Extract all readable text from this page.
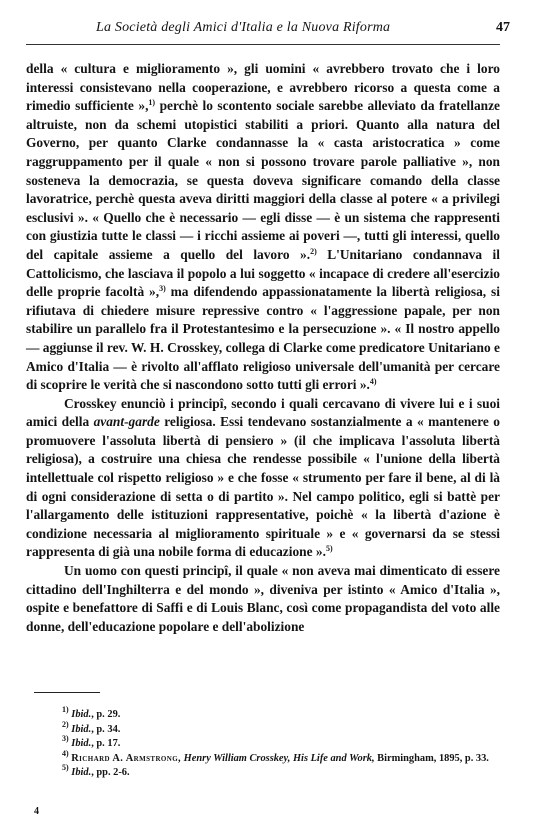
La Società degli Amici d'Italia e la Nuova Riforma	47

della « cultura e miglioramento », gli uomini « avrebbero trovato che i loro interessi consistevano nella cooperazione, e avrebbero ricorso a questa come a rimedio sufficiente »,$^{1)}$ perchè lo scontento sociale sarebbe alleviato da fratellanze altruiste, non da schemi utopistici stabiliti a priori. Quanto alla natura del Governo, per quanto Clarke condannasse la « casta aristocratica » come raggruppamento per il quale « non si possono trovare parole palliative », non sosteneva la democrazia, se questa doveva significare comando della classe lavoratrice, perchè questa aveva diritti maggiori della classe al potere « a privilegi esclusivi ». « Quello che è necessario — egli disse — è un sistema che rappresenti con giustizia tutte le classi — i ricchi assieme ai poveri —, tutti gli interessi, quello del capitale assieme a quello del lavoro ».$^{2)}$ L'Unitariano condannava il Cattolicismo, che lasciava il popolo a lui soggetto « incapace di credere all'esercizio delle proprie facoltà »,$^{3)}$ ma difendendo appassionatamente la libertà religiosa, si rifiutava di chiedere misure repressive contro « l'aggressione papale, per non stabilire un parallelo fra il Protestantesimo e la persecuzione ». « Il nostro appello — aggiunse il rev. W. H. Crosskey, collega di Clarke come predicatore Unitariano e Amico d'Italia — è rivolto all'afflato religioso universale dell'umanità per cercare di scoprire le verità che si nascondono sotto tutti gli errori ».$^{4)}$

Crosskey enunciò i principî, secondo i quali cercavano di vivere lui e i suoi amici della avant-garde religiosa. Essi tendevano sostanzialmente a « mantenere o promuovere l'assoluta libertà di pensiero » (il che implicava l'assoluta libertà religiosa), a costruire una chiesa che rendesse possibile « l'unione della libertà intellettuale col rispetto religioso » e che fosse « strumento per fare il bene, al di là di ogni considerazione di setta o di partito ». Nel campo politico, egli si battè per l'allargamento delle istituzioni rappresentative, poichè « la libertà d'azione è condizione necessaria al miglioramento spirituale » e « governarsi da se stessi rappresenta di già una nobile forma di educazione ».$^{5)}$

Un uomo con questi principî, il quale « non aveva mai dimenticato di essere cittadino dell'Inghilterra e del mondo », diveniva per istinto « Amico d'Italia », ospite e benefattore di Saffi e di Louis Blanc, così come propagandista del voto alle donne, dell'educazione popolare e dell'abolizione

$^{1)}$ Ibid., p. 29.

$^{2)}$ Ibid., p. 34.

$^{3)}$ Ibid., p. 17.

$^{4)}$ Richard A. Armstrong, Henry William Crosskey, His Life and Work, Birmingham, 1895, p. 33.

$^{5)}$ Ibid., pp. 2-6.

4
